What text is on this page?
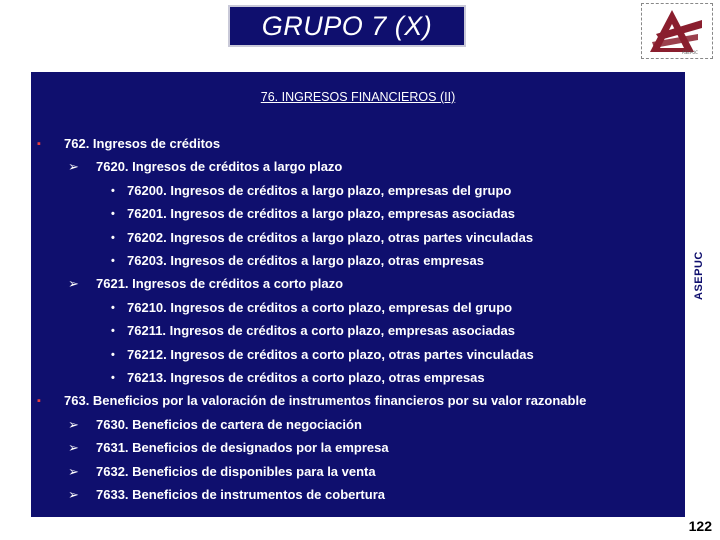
GRUPO 7 (X)
ASEPUC
76. INGRESOS FINANCIEROS (II)
▪ 762. Ingresos de créditos
➢ 7620. Ingresos de créditos a largo plazo
• 76200. Ingresos de créditos a largo plazo, empresas del grupo
• 76201. Ingresos de créditos a largo plazo, empresas asociadas
• 76202. Ingresos de créditos a largo plazo, otras partes vinculadas
• 76203. Ingresos de créditos a largo plazo, otras empresas
➢ 7621. Ingresos de créditos a corto plazo
• 76210. Ingresos de créditos a corto plazo, empresas del grupo
• 76211. Ingresos de créditos a corto plazo, empresas asociadas
• 76212. Ingresos de créditos a corto plazo, otras partes vinculadas
• 76213. Ingresos de créditos a corto plazo, otras empresas
▪ 763. Beneficios por la valoración de instrumentos financieros por su valor razonable
➢ 7630. Beneficios de cartera de negociación
➢ 7631. Beneficios de designados por la empresa
➢ 7632. Beneficios de disponibles para la venta
➢ 7633. Beneficios de instrumentos de cobertura
ASEPUC
122
